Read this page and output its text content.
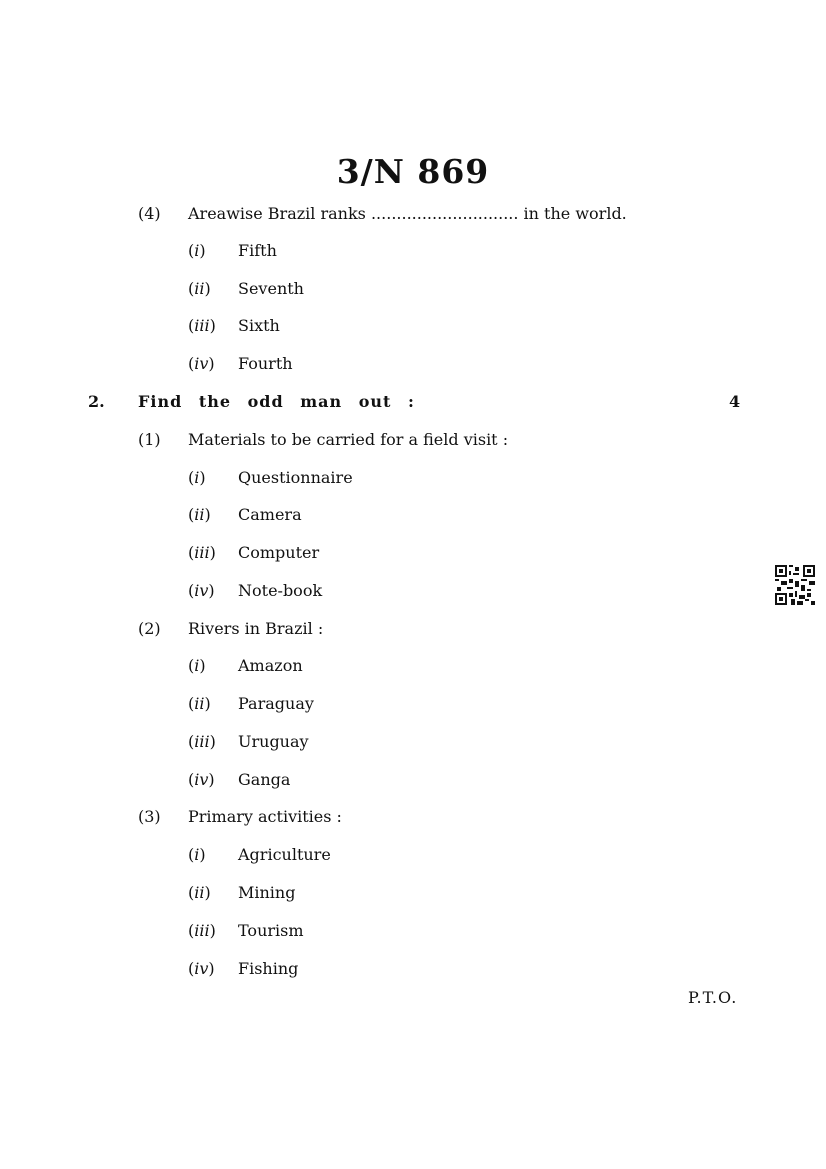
3/N 869
(4) Areawise Brazil ranks ............................. in the world.
(i) Fifth
(ii) Seventh
(iii) Sixth
(iv) Fourth
2. Find the odd man out :	4
(1) Materials to be carried for a field visit :
(i) Questionnaire
(ii) Camera
(iii) Computer
(iv) Note-book
(2) Rivers in Brazil :
(i) Amazon
(ii) Paraguay
(iii) Uruguay
(iv) Ganga
(3) Primary activities :
(i) Agriculture
(ii) Mining
(iii) Tourism
(iv) Fishing
P.T.O.
